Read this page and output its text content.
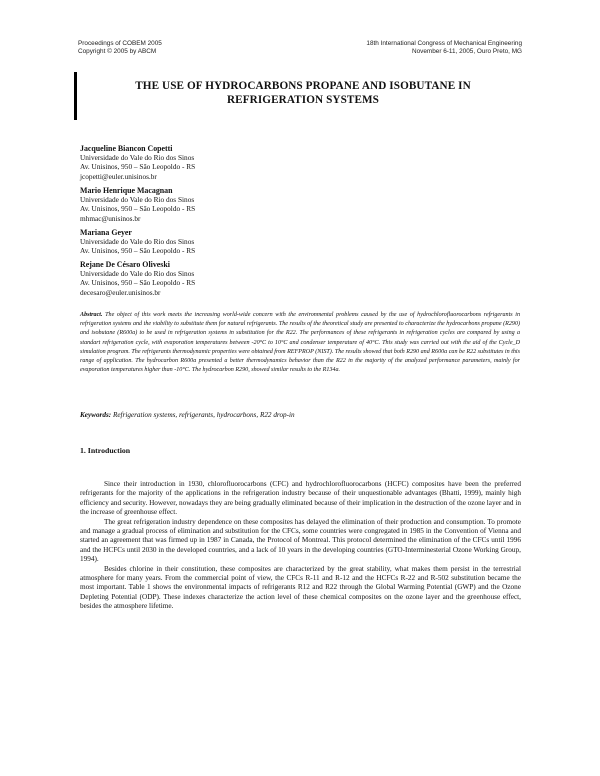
Proceedings of COBEM 2005
Copyright © 2005 by ABCM
18th International Congress of Mechanical Engineering
November 6-11, 2005, Ouro Preto, MG
THE USE OF HYDROCARBONS PROPANE AND ISOBUTANE IN
REFRIGERATION SYSTEMS
Jacqueline Biancon Copetti
Universidade do Vale do Rio dos Sinos
Av. Unisinos, 950 – São Leopoldo - RS
jcopetti@euler.unisinos.br
Mario Henrique Macagnan
Universidade do Vale do Rio dos Sinos
Av. Unisinos, 950 – São Leopoldo - RS
mhmac@unisinos.br
Mariana Geyer
Universidade do Vale do Rio dos Sinos
Av. Unisinos, 950 – São Leopoldo - RS
Rejane De Césaro Oliveski
Universidade do Vale do Rio dos Sinos
Av. Unisinos, 950 – São Leopoldo - RS
decesaro@euler.unisinos.br
Abstract. The object of this work meets the increasing world-wide concern with the environmental problems caused by the use of hydrochlorofluorocarbons refrigerants in refrigeration systems and the viability to substitute them for natural refrigerants. The results of the theoretical study are presented to characterize the hydrocarbons propane (R290) and isobutane (R600a) to be used in refrigeration systems in substitution for the R22. The performances of these refrigerants in refrigeration cycles are compared by using a standart refrigeration cycle, with evaporation temperatures between -20°C to 10°C and condenser temperature of 40°C. This study was carried out with the aid of the Cycle_D simulation program. The refrigerants thermodynamic properties were obtained from REFPROP (NIST). The results showed that both R290 and R600a can be R22 substitutes in this range of application. The hydrocarbon R600a presented a better thermodynamics behavior than the R22 in the majority of the analyzed performance parameters, mainly for evaporation temperatures higher than -10°C. The hydrocarbon R290, showed similar results to the R134a.
Keywords: Refrigeration systems, refrigerants, hydrocarbons, R22 drop-in
1. Introduction

Since their introduction in 1930, chlorofluorocarbons (CFC) and hydrochlorofluorocarbons (HCFC) composites have been the preferred refrigerants for the majority of the applications in the refrigeration industry because of their unquestionable advantages (Bhatti, 1999), mainly high efficiency and security. However, nowadays they are being gradually eliminated because of their implication in the destruction of the ozone layer and in the increase of greenhouse effect.

The great refrigeration industry dependence on these composites has delayed the elimination of their production and consumption. To promote and manage a gradual process of elimination and substitution for the CFCs, some countries were congregated in 1985 in the Convention of Vienna and started an agreement that was firmed up in 1987 in Canada, the Protocol of Montreal. This protocol determined the elimination of the CFCs until 1996 and the HCFCs until 2030 in the developed countries, and a lack of 10 years in the developing countries (GTO-Interminesterial Ozone Working Group, 1994).

Besides chlorine in their constitution, these composites are characterized by the great stability, what makes them persist in the terrestrial atmosphere for many years. From the commercial point of view, the CFCs R-11 and R-12 and the HCFCs R-22 and R-502 substitution became the most important. Table 1 shows the environmental impacts of refrigerants R12 and R22 through the Global Warming Potential (GWP) and the Ozone Depleting Potential (ODP). These indexes characterize the action level of these chemical composites on the ozone layer and the greenhouse effect, besides the atmosphere lifetime.
